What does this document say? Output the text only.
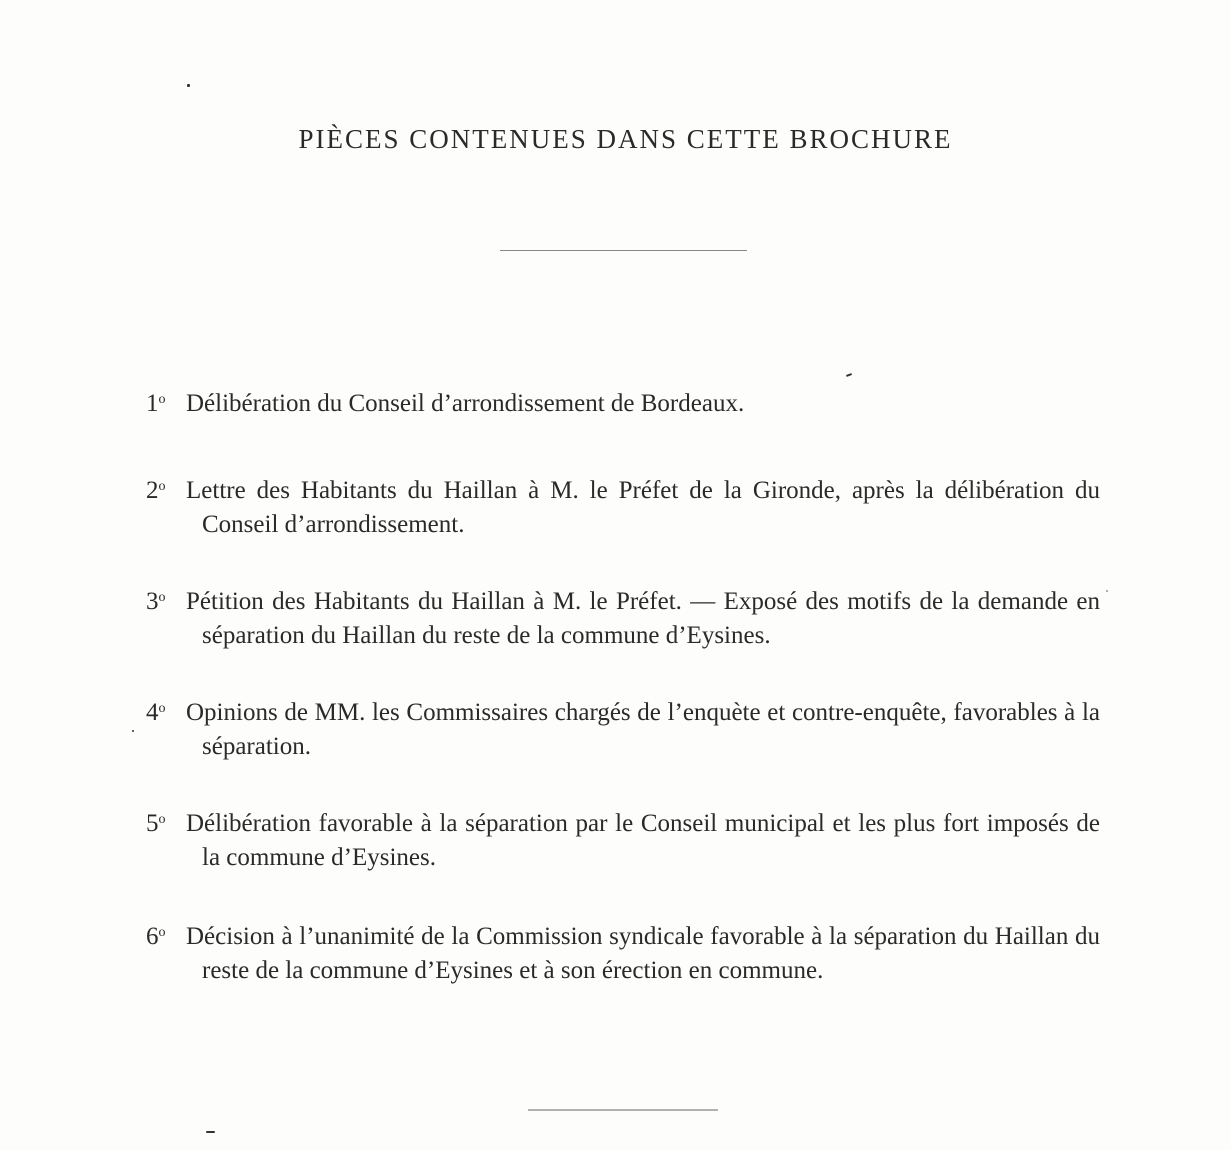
PIÈCES CONTENUES DANS CETTE BROCHURE
1$^o$ Délibération du Conseil d’arrondissement de Bordeaux.
2$^o$ Lettre des Habitants du Haillan à M. le Préfet de la Gironde, après la délibération du Conseil d’arrondissement.
3$^o$ Pétition des Habitants du Haillan à M. le Préfet. — Exposé des motifs de la demande en séparation du Haillan du reste de la commune d’Eysines.
4$^o$ Opinions de MM. les Commissaires chargés de l’enquète et contre-enquête, favorables à la séparation.
5$^o$ Délibération favorable à la séparation par le Conseil municipal et les plus fort imposés de la commune d’Eysines.
6$^o$ Décision à l’unanimité de la Commission syndicale favorable à la séparation du Haillan du reste de la commune d’Eysines et à son érection en commune.
